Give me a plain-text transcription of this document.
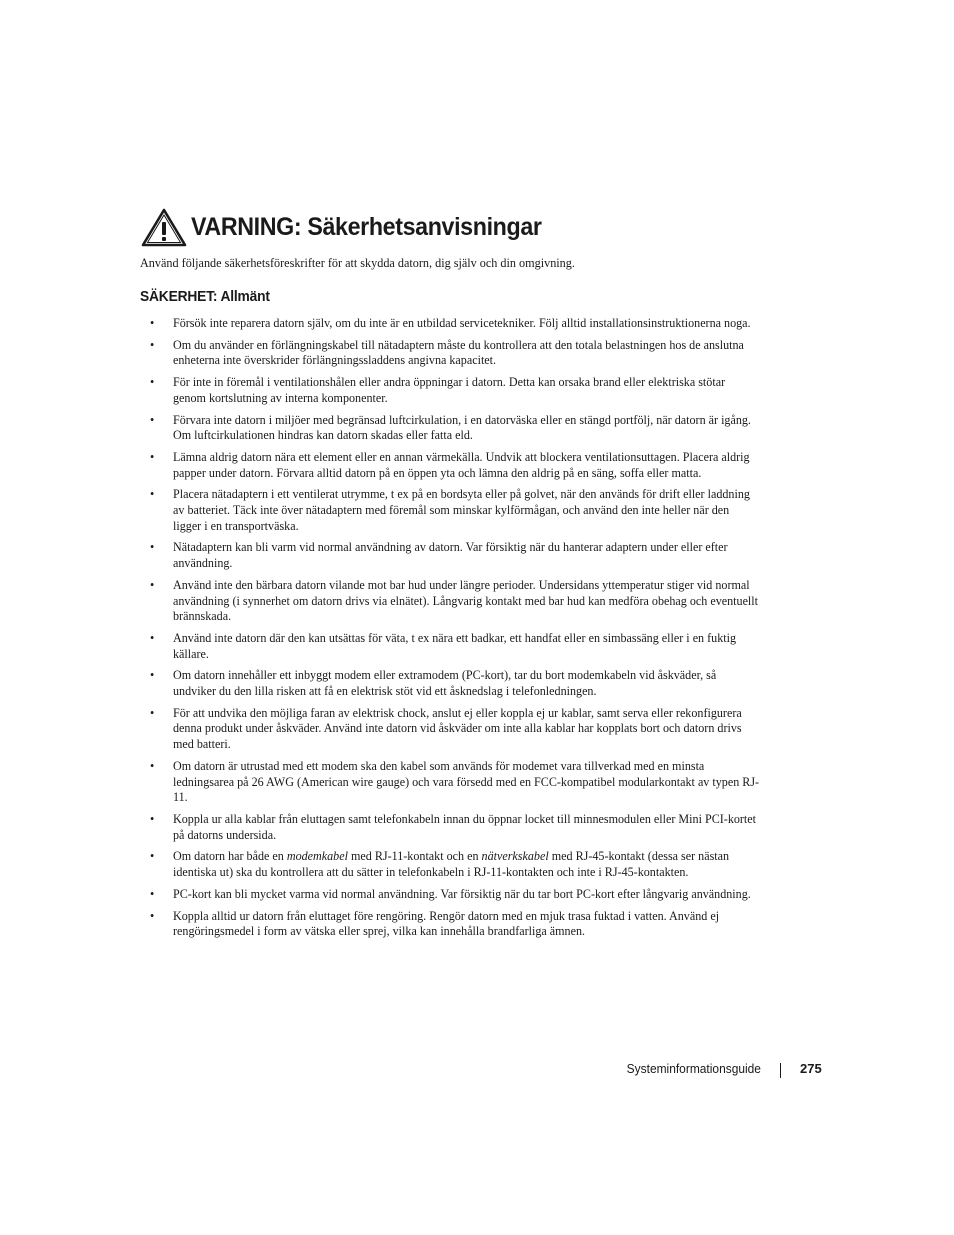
VARNING: Säkerhetsanvisningar
Använd följande säkerhetsföreskrifter för att skydda datorn, dig själv och din omgivning.
SÄKERHET: Allmänt
• Försök inte reparera datorn själv, om du inte är en utbildad servicetekniker. Följ alltid installationsinstruktionerna noga.
• Om du använder en förlängningskabel till nätadaptern måste du kontrollera att den totala belastningen hos de anslutna enheterna inte överskrider förlängningssladdens angivna kapacitet.
• För inte in föremål i ventilationshålen eller andra öppningar i datorn. Detta kan orsaka brand eller elektriska stötar genom kortslutning av interna komponenter.
• Förvara inte datorn i miljöer med begränsad luftcirkulation, i en datorväska eller en stängd portfölj, när datorn är igång. Om luftcirkulationen hindras kan datorn skadas eller fatta eld.
• Lämna aldrig datorn nära ett element eller en annan värmekälla. Undvik att blockera ventilationsuttagen. Placera aldrig papper under datorn. Förvara alltid datorn på en öppen yta och lämna den aldrig på en säng, soffa eller matta.
• Placera nätadaptern i ett ventilerat utrymme, t ex på en bordsyta eller på golvet, när den används för drift eller laddning av batteriet. Täck inte över nätadaptern med föremål som minskar kylförmågan, och använd den inte heller när den ligger i en transportväska.
• Nätadaptern kan bli varm vid normal användning av datorn. Var försiktig när du hanterar adaptern under eller efter användning.
• Använd inte den bärbara datorn vilande mot bar hud under längre perioder. Undersidans yttemperatur stiger vid normal användning (i synnerhet om datorn drivs via elnätet). Långvarig kontakt med bar hud kan medföra obehag och eventuellt brännskada.
• Använd inte datorn där den kan utsättas för väta, t ex nära ett badkar, ett handfat eller en simbassäng eller i en fuktig källare.
• Om datorn innehåller ett inbyggt modem eller extramodem (PC-kort), tar du bort modemkabeln vid åskväder, så undviker du den lilla risken att få en elektrisk stöt vid ett åsknedslag i telefonledningen.
• För att undvika den möjliga faran av elektrisk chock, anslut ej eller koppla ej ur kablar, samt serva eller rekonfigurera denna produkt under åskväder. Använd inte datorn vid åskväder om inte alla kablar har kopplats bort och datorn drivs med batteri.
• Om datorn är utrustad med ett modem ska den kabel som används för modemet vara tillverkad med en minsta ledningsarea på 26 AWG (American wire gauge) och vara försedd med en FCC-kompatibel modularkontakt av typen RJ-11.
• Koppla ur alla kablar från eluttagen samt telefonkabeln innan du öppnar locket till minnesmodulen eller Mini PCI-kortet på datorns undersida.
• Om datorn har både en modemkabel med RJ-11-kontakt och en nätverkskabel med RJ-45-kontakt (dessa ser nästan identiska ut) ska du kontrollera att du sätter in telefonkabeln i RJ-11-kontakten och inte i RJ-45-kontakten.
• PC-kort kan bli mycket varma vid normal användning. Var försiktig när du tar bort PC-kort efter långvarig användning.
• Koppla alltid ur datorn från eluttaget före rengöring. Rengör datorn med en mjuk trasa fuktad i vatten. Använd ej rengöringsmedel i form av vätska eller sprej, vilka kan innehålla brandfarliga ämnen.
Systeminformationsguide	275
